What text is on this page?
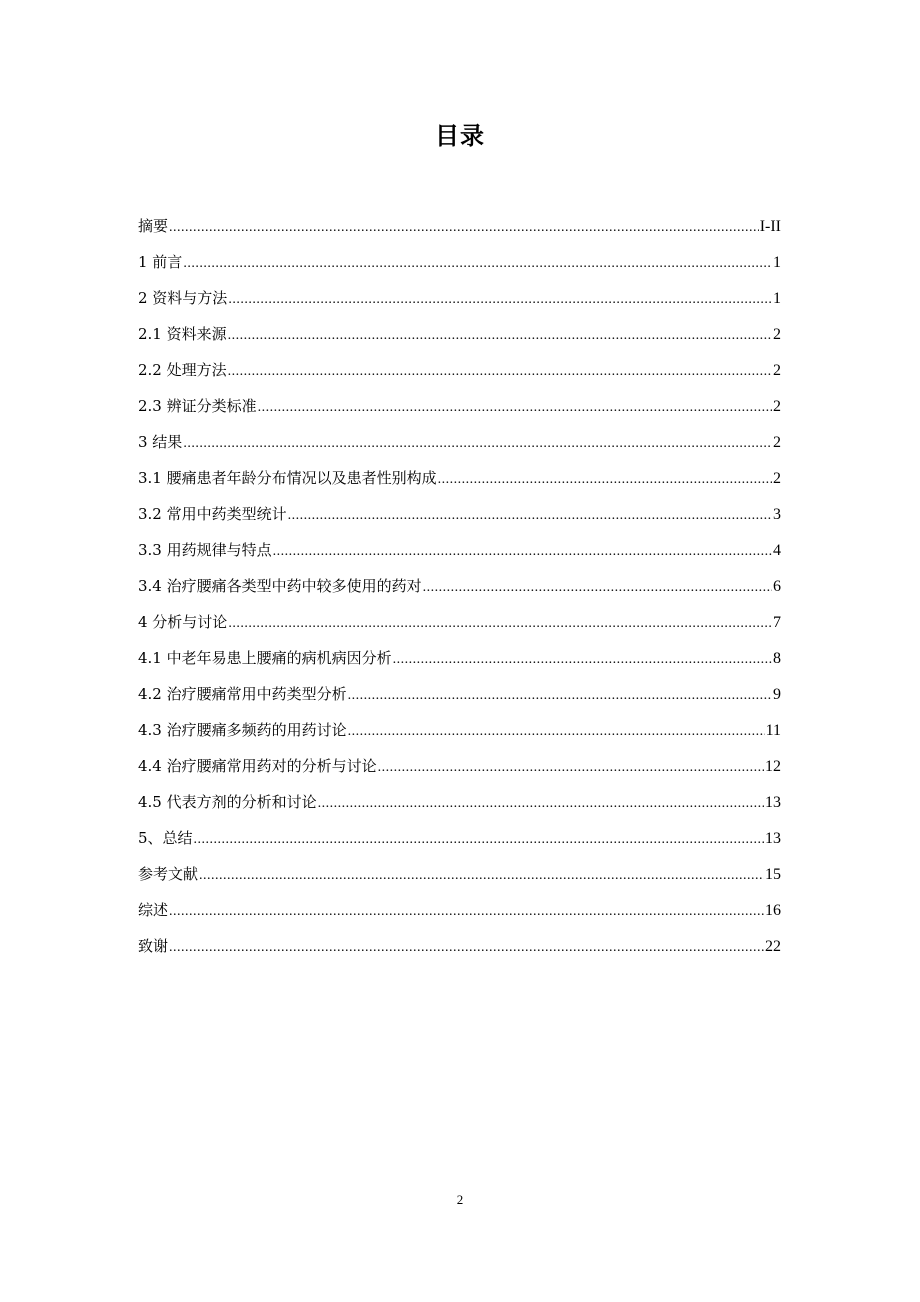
目录
摘要 .....	I-II
1 前言 .....	1
2 资料与方法 .....	1
2.1 资料来源 .....	2
2.2 处理方法 .....	2
2.3 辨证分类标准 .....	2
3 结果 .....	2
3.1 腰痛患者年龄分布情况以及患者性别构成 .....	2
3.2 常用中药类型统计 .....	3
3.3 用药规律与特点 .....	4
3.4 治疗腰痛各类型中药中较多使用的药对 .....	6
4 分析与讨论 .....	7
4.1 中老年易患上腰痛的病机病因分析 .....	8
4.2 治疗腰痛常用中药类型分析 .....	9
4.3 治疗腰痛多频药的用药讨论 .....	11
4.4 治疗腰痛常用药对的分析与讨论 .....	12
4.5 代表方剂的分析和讨论 .....	13
5、总结 .....	13
参考文献 .....	15
综述 .....	16
致谢 .....	22
2
